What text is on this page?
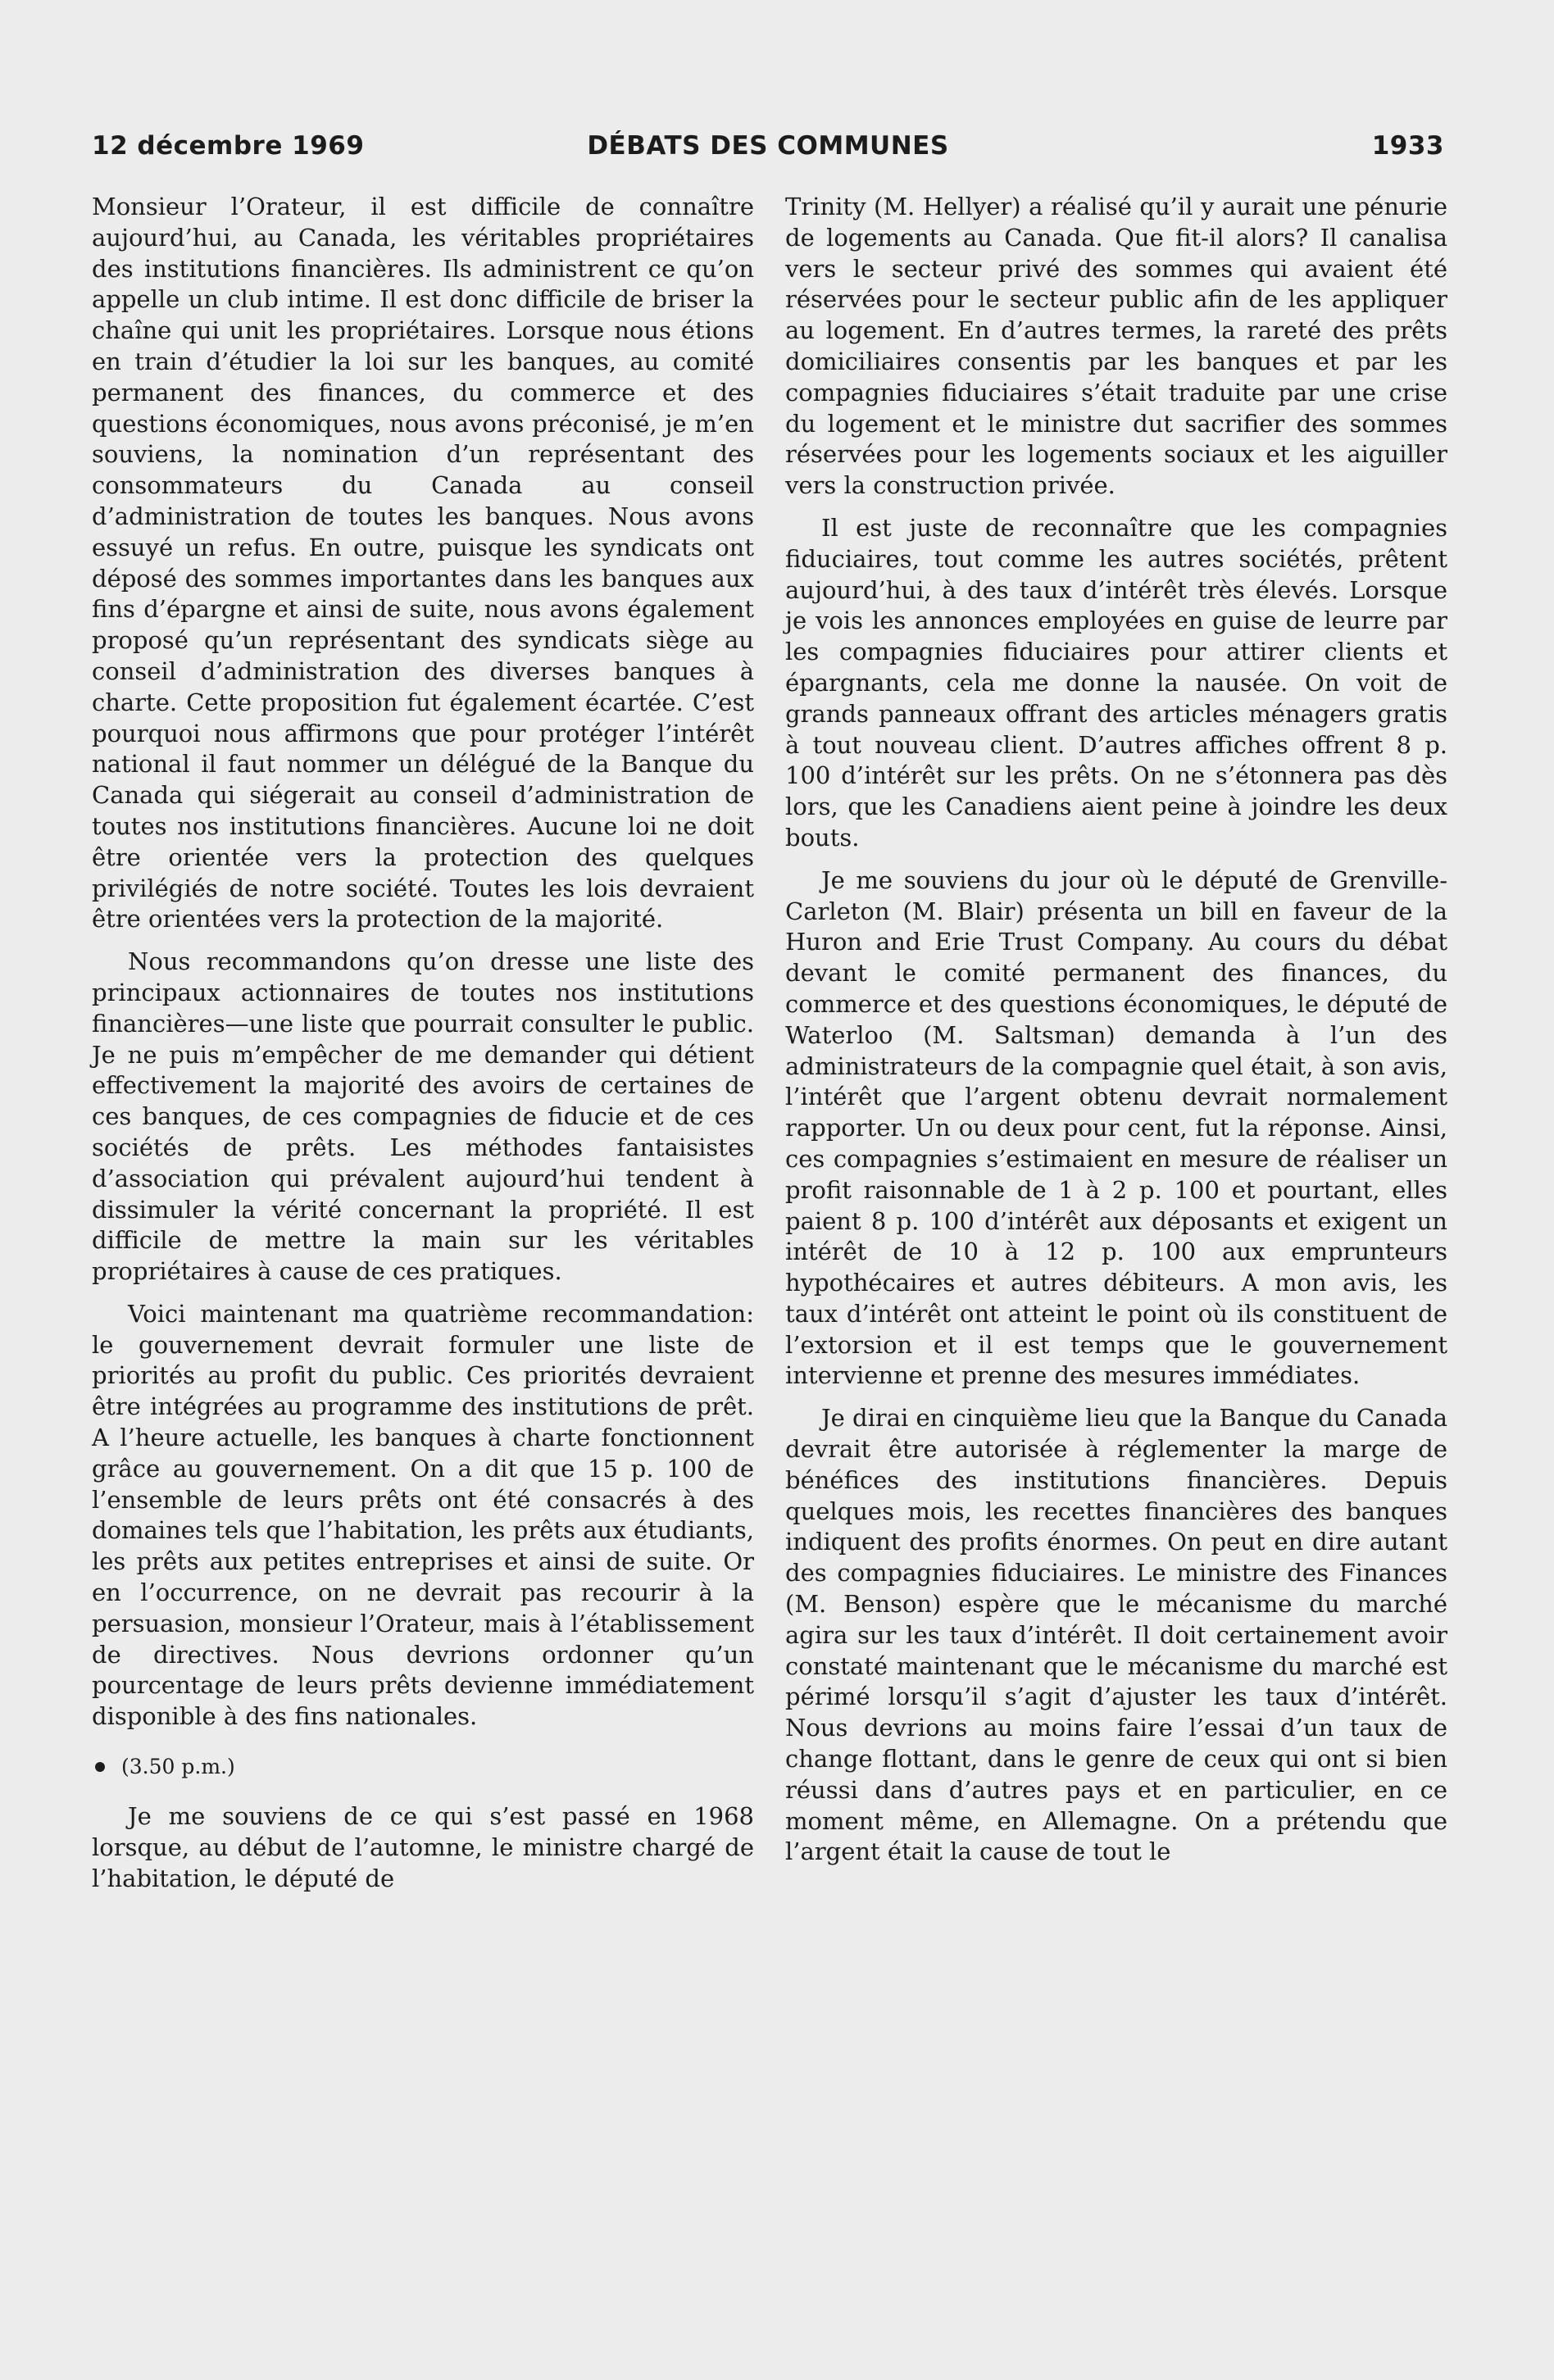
12 décembre 1969	DÉBATS DES COMMUNES	1933

Monsieur l’Orateur, il est difficile de connaître aujourd’hui, au Canada, les véritables propriétaires des institutions financières. Ils administrent ce qu’on appelle un club intime. Il est donc difficile de briser la chaîne qui unit les propriétaires. Lorsque nous étions en train d’étudier la loi sur les banques, au comité permanent des finances, du commerce et des questions économiques, nous avons préconisé, je m’en souviens, la nomination d’un représentant des consommateurs du Canada au conseil d’administration de toutes les banques. Nous avons essuyé un refus. En outre, puisque les syndicats ont déposé des sommes importantes dans les banques aux fins d’épargne et ainsi de suite, nous avons également proposé qu’un représentant des syndicats siège au conseil d’administration des diverses banques à charte. Cette proposition fut également écartée. C’est pourquoi nous affirmons que pour protéger l’intérêt national il faut nommer un délégué de la Banque du Canada qui siégerait au conseil d’administration de toutes nos institutions financières. Aucune loi ne doit être orientée vers la protection des quelques privilégiés de notre société. Toutes les lois devraient être orientées vers la protection de la majorité.

Nous recommandons qu’on dresse une liste des principaux actionnaires de toutes nos institutions financières—une liste que pourrait consulter le public. Je ne puis m’empêcher de me demander qui détient effectivement la majorité des avoirs de certaines de ces banques, de ces compagnies de fiducie et de ces sociétés de prêts. Les méthodes fantaisistes d’association qui prévalent aujourd’hui tendent à dissimuler la vérité concernant la propriété. Il est difficile de mettre la main sur les véritables propriétaires à cause de ces pratiques.

Voici maintenant ma quatrième recommandation: le gouvernement devrait formuler une liste de priorités au profit du public. Ces priorités devraient être intégrées au programme des institutions de prêt. A l’heure actuelle, les banques à charte fonctionnent grâce au gouvernement. On a dit que 15 p. 100 de l’ensemble de leurs prêts ont été consacrés à des domaines tels que l’habitation, les prêts aux étudiants, les prêts aux petites entreprises et ainsi de suite. Or en l’occurrence, on ne devrait pas recourir à la persuasion, monsieur l’Orateur, mais à l’établissement de directives. Nous devrions ordonner qu’un pourcentage de leurs prêts devienne immédiatement disponible à des fins nationales.

(3.50 p.m.)

Je me souviens de ce qui s’est passé en 1968 lorsque, au début de l’automne, le ministre chargé de l’habitation, le député de

Trinity (M. Hellyer) a réalisé qu’il y aurait une pénurie de logements au Canada. Que fit-il alors? Il canalisa vers le secteur privé des sommes qui avaient été réservées pour le secteur public afin de les appliquer au logement. En d’autres termes, la rareté des prêts domiciliaires consentis par les banques et par les compagnies fiduciaires s’était traduite par une crise du logement et le ministre dut sacrifier des sommes réservées pour les logements sociaux et les aiguiller vers la construction privée.

Il est juste de reconnaître que les compagnies fiduciaires, tout comme les autres sociétés, prêtent aujourd’hui, à des taux d’intérêt très élevés. Lorsque je vois les annonces employées en guise de leurre par les compagnies fiduciaires pour attirer clients et épargnants, cela me donne la nausée. On voit de grands panneaux offrant des articles ménagers gratis à tout nouveau client. D’autres affiches offrent 8 p. 100 d’intérêt sur les prêts. On ne s’étonnera pas dès lors, que les Canadiens aient peine à joindre les deux bouts.

Je me souviens du jour où le député de Grenville-Carleton (M. Blair) présenta un bill en faveur de la Huron and Erie Trust Company. Au cours du débat devant le comité permanent des finances, du commerce et des questions économiques, le député de Waterloo (M. Saltsman) demanda à l’un des administrateurs de la compagnie quel était, à son avis, l’intérêt que l’argent obtenu devrait normalement rapporter. Un ou deux pour cent, fut la réponse. Ainsi, ces compagnies s’estimaient en mesure de réaliser un profit raisonnable de 1 à 2 p. 100 et pourtant, elles paient 8 p. 100 d’intérêt aux déposants et exigent un intérêt de 10 à 12 p. 100 aux emprunteurs hypothécaires et autres débiteurs. A mon avis, les taux d’intérêt ont atteint le point où ils constituent de l’extorsion et il est temps que le gouvernement intervienne et prenne des mesures immédiates.

Je dirai en cinquième lieu que la Banque du Canada devrait être autorisée à réglementer la marge de bénéfices des institutions financières. Depuis quelques mois, les recettes financières des banques indiquent des profits énormes. On peut en dire autant des compagnies fiduciaires. Le ministre des Finances (M. Benson) espère que le mécanisme du marché agira sur les taux d’intérêt. Il doit certainement avoir constaté maintenant que le mécanisme du marché est périmé lorsqu’il s’agit d’ajuster les taux d’intérêt. Nous devrions au moins faire l’essai d’un taux de change flottant, dans le genre de ceux qui ont si bien réussi dans d’autres pays et en particulier, en ce moment même, en Allemagne. On a prétendu que l’argent était la cause de tout le
